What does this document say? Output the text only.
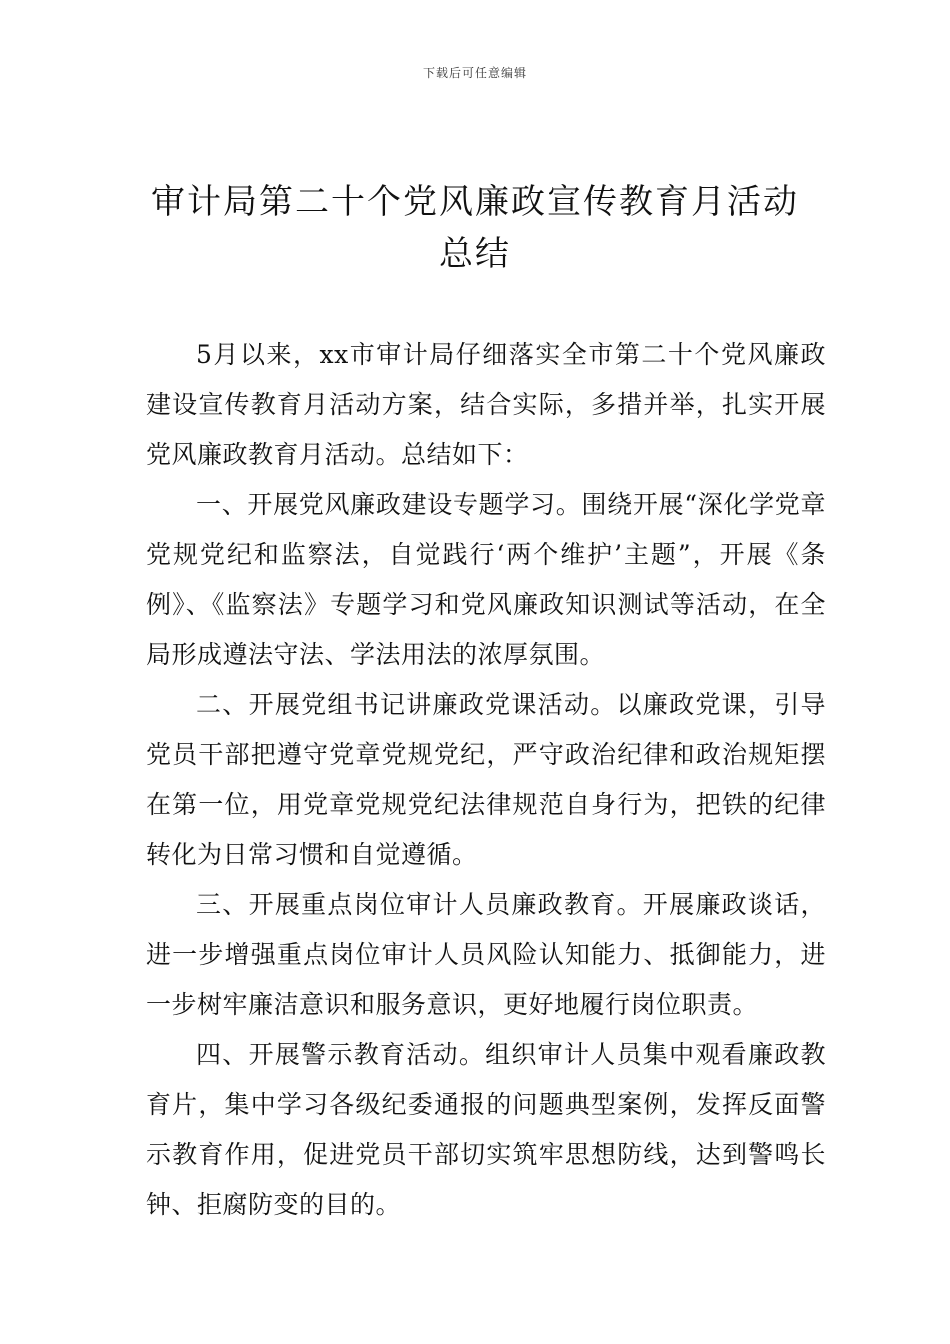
下载后可任意编辑
审计局第二十个党风廉政宣传教育月活动
总结

5月以来，xx市审计局仔细落实全市第二十个党风廉政建设宣传教育月活动方案，结合实际，多措并举，扎实开展党风廉政教育月活动。总结如下：

一、开展党风廉政建设专题学习。围绕开展“深化学党章党规党纪和监察法，自觉践行‘两个维护’主题”，开展《条例》、《监察法》专题学习和党风廉政知识测试等活动，在全局形成遵法守法、学法用法的浓厚氛围。

二、开展党组书记讲廉政党课活动。以廉政党课，引导党员干部把遵守党章党规党纪，严守政治纪律和政治规矩摆在第一位，用党章党规党纪法律规范自身行为，把铁的纪律转化为日常习惯和自觉遵循。

三、开展重点岗位审计人员廉政教育。开展廉政谈话，进一步增强重点岗位审计人员风险认知能力、抵御能力，进一步树牢廉洁意识和服务意识，更好地履行岗位职责。

四、开展警示教育活动。组织审计人员集中观看廉政教育片，集中学习各级纪委通报的问题典型案例，发挥反面警示教育作用，促进党员干部切实筑牢思想防线，达到警鸣长钟、拒腐防变的目的。
